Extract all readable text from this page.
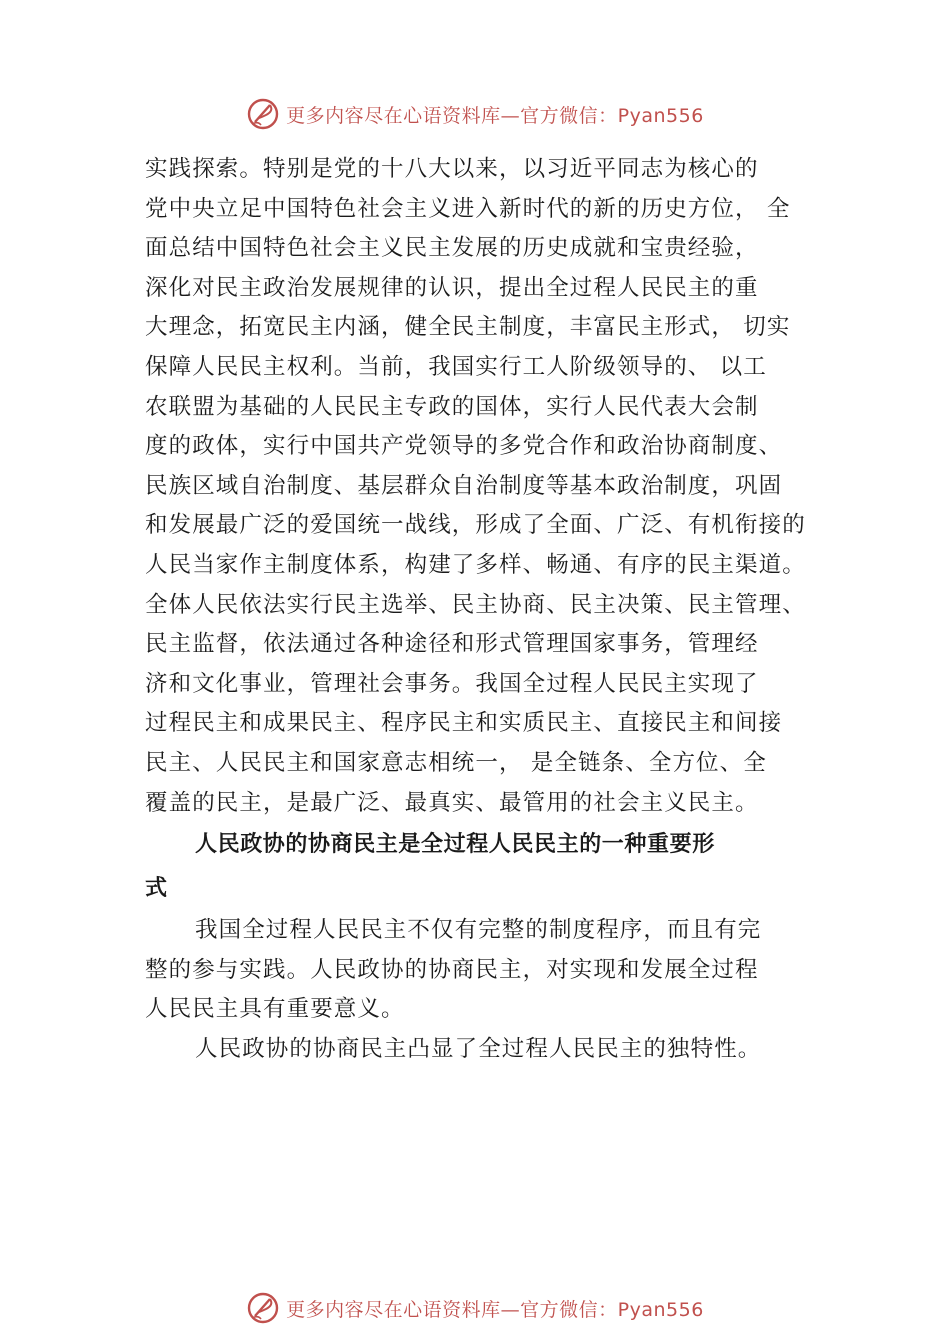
更多内容尽在心语资料库—官方微信：Pyan556
实践探索。特别是党的十八大以来，以习近平同志为核心的
党中央立足中国特色社会主义进入新时代的新的历史方位， 全
面总结中国特色社会主义民主发展的历史成就和宝贵经验，
深化对民主政治发展规律的认识，提出全过程人民民主的重
大理念，拓宽民主内涵，健全民主制度，丰富民主形式， 切实
保障人民民主权利。当前，我国实行工人阶级领导的、 以工
农联盟为基础的人民民主专政的国体，实行人民代表大会制
度的政体，实行中国共产党领导的多党合作和政治协商制度、
民族区域自治制度、基层群众自治制度等基本政治制度，巩固
和发展最广泛的爱国统一战线，形成了全面、广泛、有机衔接的
人民当家作主制度体系，构建了多样、畅通、有序的民主渠道。
全体人民依法实行民主选举、民主协商、民主决策、民主管理、
民主监督，依法通过各种途径和形式管理国家事务，管理经
济和文化事业，管理社会事务。我国全过程人民民主实现了
过程民主和成果民主、程序民主和实质民主、直接民主和间接
民主、人民民主和国家意志相统一， 是全链条、全方位、全
覆盖的民主，是最广泛、最真实、最管用的社会主义民主。
人民政协的协商民主是全过程人民民主的一种重要形
式
我国全过程人民民主不仅有完整的制度程序，而且有完
整的参与实践。人民政协的协商民主，对实现和发展全过程
人民民主具有重要意义。
人民政协的协商民主凸显了全过程人民民主的独特性。
更多内容尽在心语资料库—官方微信：Pyan556
